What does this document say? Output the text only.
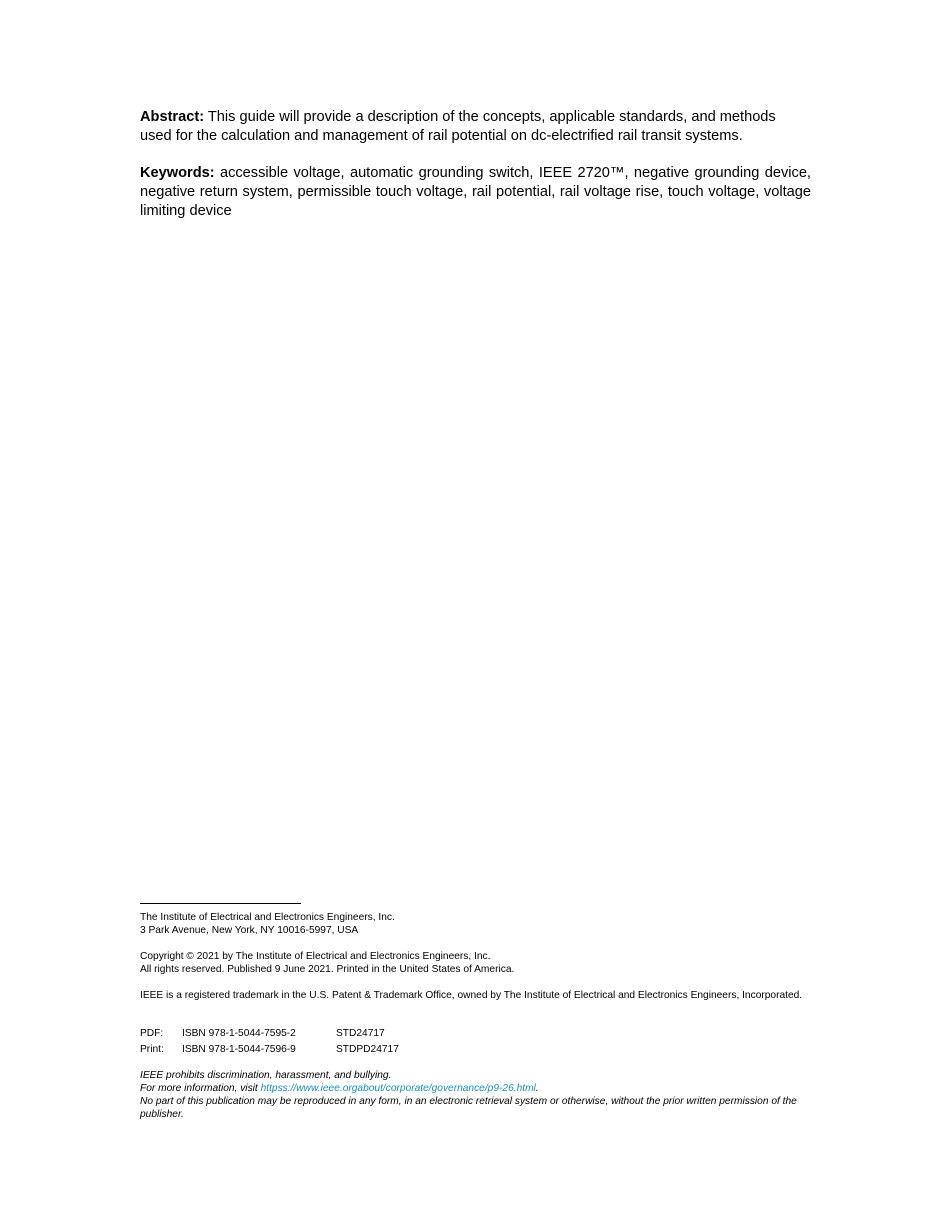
Abstract: This guide will provide a description of the concepts, applicable standards, and methods used for the calculation and management of rail potential on dc-electrified rail transit systems.

Keywords: accessible voltage, automatic grounding switch, IEEE 2720™, negative grounding device, negative return system, permissible touch voltage, rail potential, rail voltage rise, touch voltage, voltage limiting device

The Institute of Electrical and Electronics Engineers, Inc.
3 Park Avenue, New York, NY 10016-5997, USA

Copyright © 2021 by The Institute of Electrical and Electronics Engineers, Inc.
All rights reserved. Published 9 June 2021. Printed in the United States of America.

IEEE is a registered trademark in the U.S. Patent & Trademark Office, owned by The Institute of Electrical and Electronics Engineers, Incorporated.

PDF: ISBN 978-1-5044-7595-2	STD24717
Print: ISBN 978-1-5044-7596-9	STDPD24717

IEEE prohibits discrimination, harassment, and bullying.
For more information, visit httpss://www.ieee.orgabout/corporate/governance/p9-26.html.
No part of this publication may be reproduced in any form, in an electronic retrieval system or otherwise, without the prior written permission of the publisher.
